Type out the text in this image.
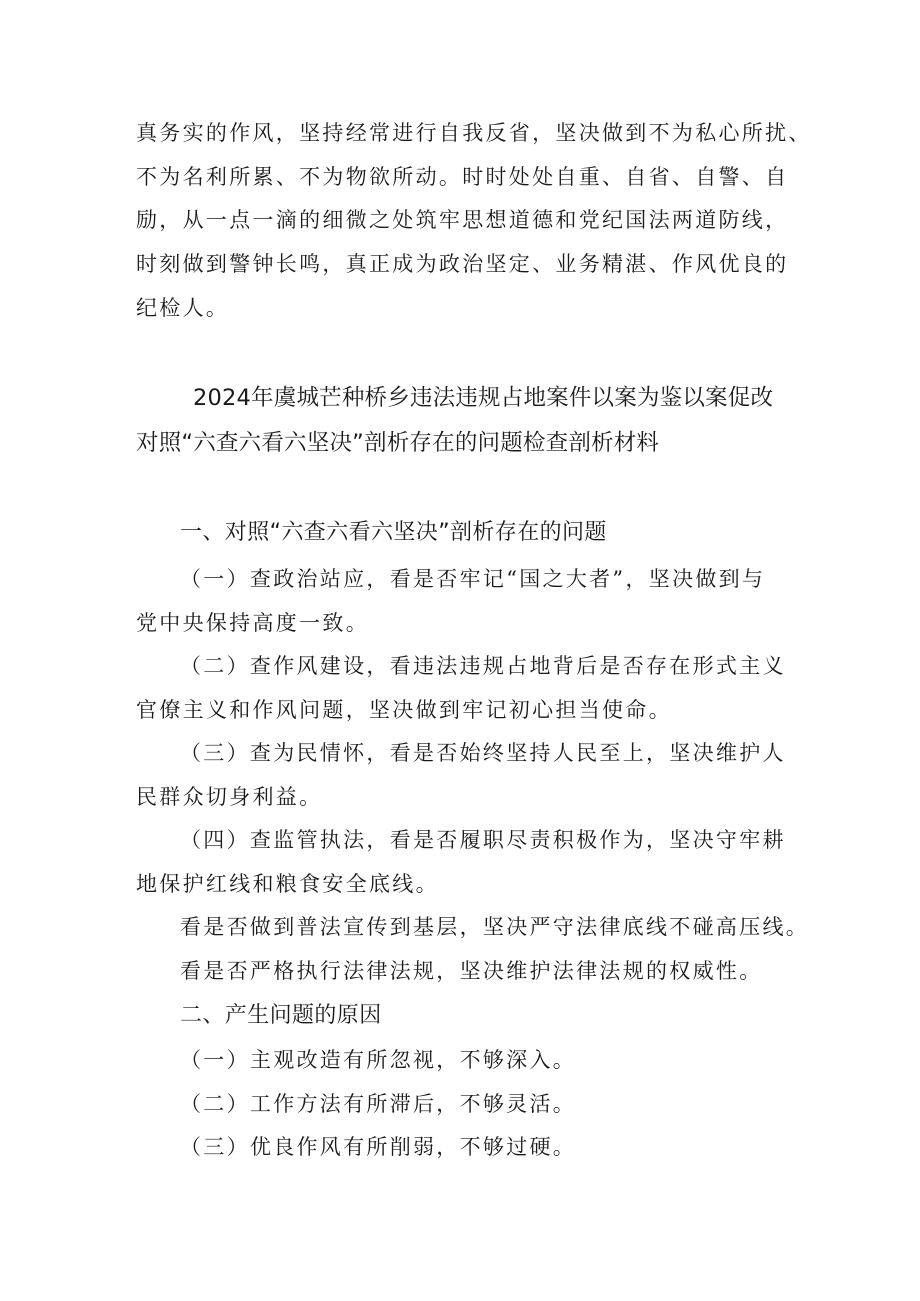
真务实的作风，坚持经常进行自我反省，坚决做到不为私心所扰、
不为名利所累、不为物欲所动。时时处处自重、自省、自警、自
励，从一点一滴的细微之处筑牢思想道德和党纪国法两道防线，
时刻做到警钟长鸣，真正成为政治坚定、业务精湛、作风优良的
纪检人。
2024年虞城芒种桥乡违法违规占地案件以案为鉴以案促改
对照“六查六看六坚决”剖析存在的问题检查剖析材料
一、对照“六查六看六坚决”剖析存在的问题
（一）查政治站应，看是否牢记“国之大者”，坚决做到与
党中央保持高度一致。
（二）查作风建设，看违法违规占地背后是否存在形式主义
官僚主义和作风问题，坚决做到牢记初心担当使命。
（三）查为民情怀，看是否始终坚持人民至上，坚决维护人
民群众切身利益。
（四）查监管执法，看是否履职尽责积极作为，坚决守牢耕
地保护红线和粮食安全底线。
看是否做到普法宣传到基层，坚决严守法律底线不碰高压线。
看是否严格执行法律法规，坚决维护法律法规的权威性。
二、产生问题的原因
（一）主观改造有所忽视，不够深入。
（二）工作方法有所滞后，不够灵活。
（三）优良作风有所削弱，不够过硬。
